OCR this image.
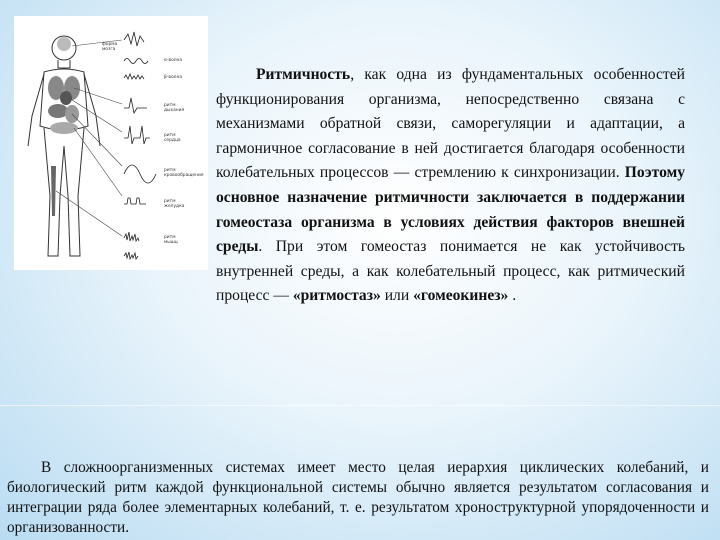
форма
мозга
α-волна
β-волна
ритм
дыхания
ритм
сердца
ритм
кровообращения
ритм
желудка
ритм
мышц

Ритмичность, как одна из фундаментальных особенностей функционирования организма, непосредственно связана с механизмами обратной связи, саморегуляции и адаптации, а гармоничное согласование в ней достигается благодаря особенности колебательных процессов — стремлению к синхронизации. Поэтому основное назначение ритмичности заключается в поддержании гомеостаза организма в условиях действия факторов внешней среды. При этом гомеостаз понимается не как устойчивость внутренней среды, а как колебательный процесс, как ритмический процесс — «ритмостаз» или «гомеокинез» .

В сложноорганизменных системах имеет место целая иерархия циклических колебаний, и биологический ритм каждой функциональной системы обычно является результатом согласования и интеграции ряда более элементарных колебаний, т. е. результатом хроноструктурной упорядоченности и организованности.
